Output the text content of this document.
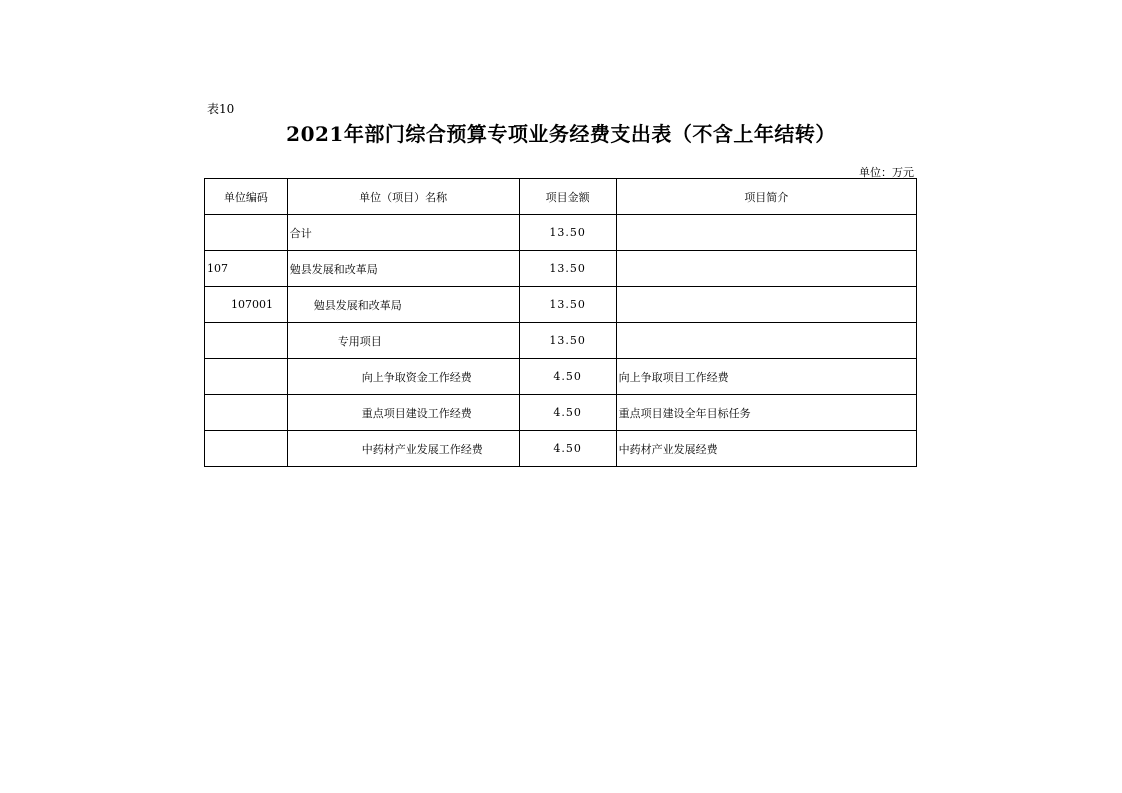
表10
2021年部门综合预算专项业务经费支出表（不含上年结转）
单位：万元
单位编码	单位（项目）名称	项目金额	项目简介
	合计	13.50	
107	勉县发展和改革局	13.50	
107001	勉县发展和改革局	13.50	
	专用项目	13.50	
	向上争取资金工作经费	4.50	向上争取项目工作经费
	重点项目建设工作经费	4.50	重点项目建设全年目标任务
	中药材产业发展工作经费	4.50	中药材产业发展经费
